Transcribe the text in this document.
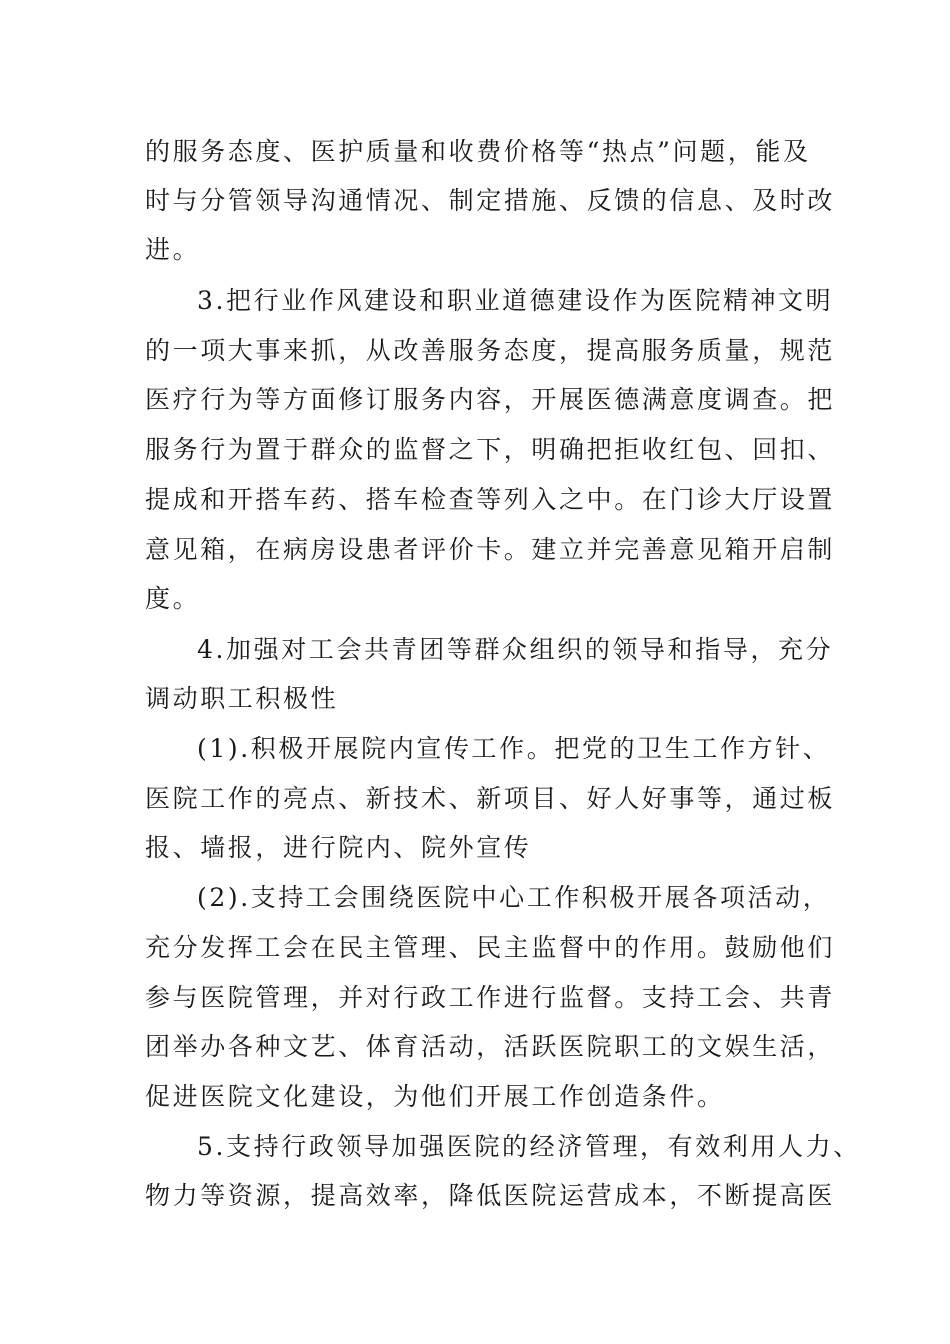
的服务态度、医护质量和收费价格等“热点”问题，能及

时与分管领导沟通情况、制定措施、反馈的信息、及时改

进。

3.把行业作风建设和职业道德建设作为医院精神文明

的一项大事来抓，从改善服务态度，提高服务质量，规范

医疗行为等方面修订服务内容，开展医德满意度调查。把

服务行为置于群众的监督之下，明确把拒收红包、回扣、

提成和开搭车药、搭车检查等列入之中。在门诊大厅设置

意见箱，在病房设患者评价卡。建立并完善意见箱开启制

度。

4.加强对工会共青团等群众组织的领导和指导，充分

调动职工积极性

(1).积极开展院内宣传工作。把党的卫生工作方针、

医院工作的亮点、新技术、新项目、好人好事等，通过板

报、墙报，进行院内、院外宣传

(2).支持工会围绕医院中心工作积极开展各项活动，

充分发挥工会在民主管理、民主监督中的作用。鼓励他们

参与医院管理，并对行政工作进行监督。支持工会、共青

团举办各种文艺、体育活动，活跃医院职工的文娱生活，

促进医院文化建设，为他们开展工作创造条件。

5.支持行政领导加强医院的经济管理，有效利用人力、

物力等资源，提高效率，降低医院运营成本，不断提高医
